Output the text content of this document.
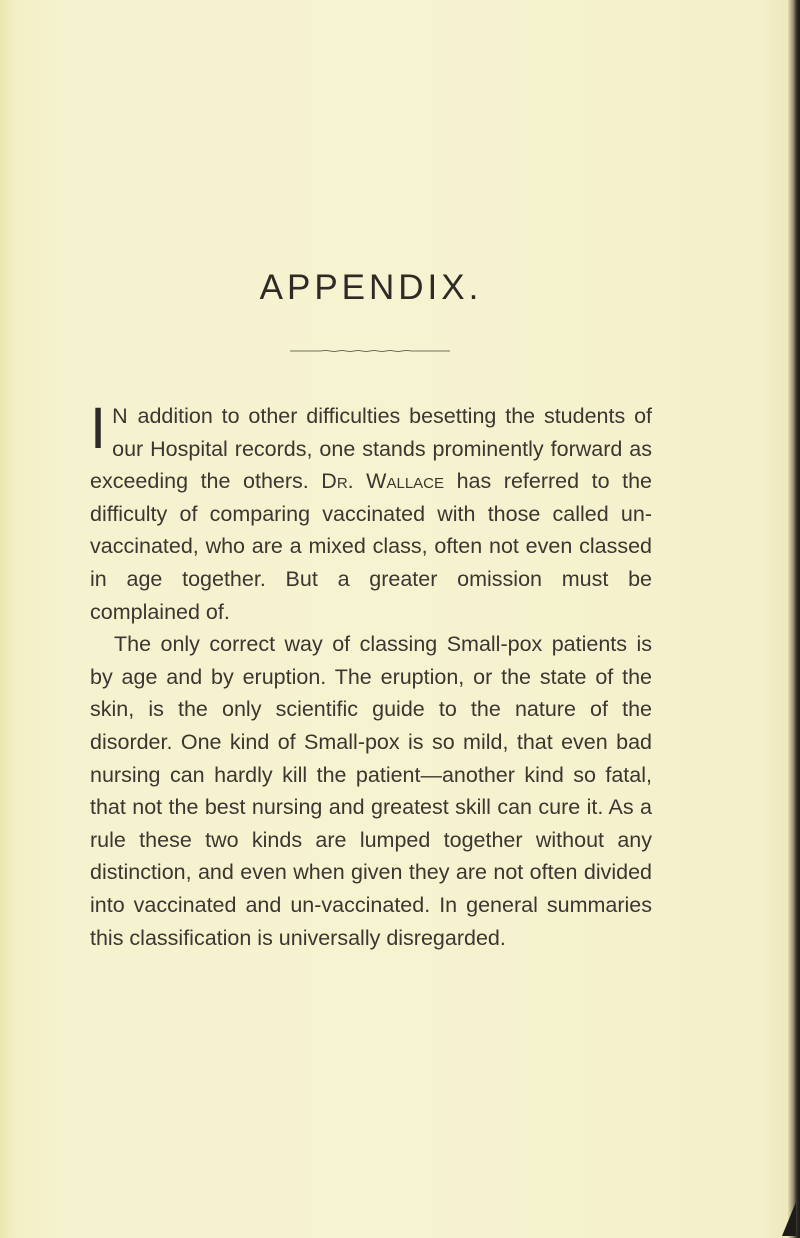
APPENDIX.

I N addition to other difficulties besetting the students of our Hospital records, one stands prominently forward as exceeding the others. Dr. Wallace has referred to the difficulty of comparing vaccinated with those called un-vaccinated, who are a mixed class, often not even classed in age together. But a greater omission must be complained of.

The only correct way of classing Small-pox patients is by age and by eruption. The eruption, or the state of the skin, is the only scientific guide to the nature of the disorder. One kind of Small-pox is so mild, that even bad nursing can hardly kill the patient—another kind so fatal, that not the best nursing and greatest skill can cure it. As a rule these two kinds are lumped together without any distinction, and even when given they are not often divided into vaccinated and un-vaccinated. In general summaries this classification is universally disregarded.
